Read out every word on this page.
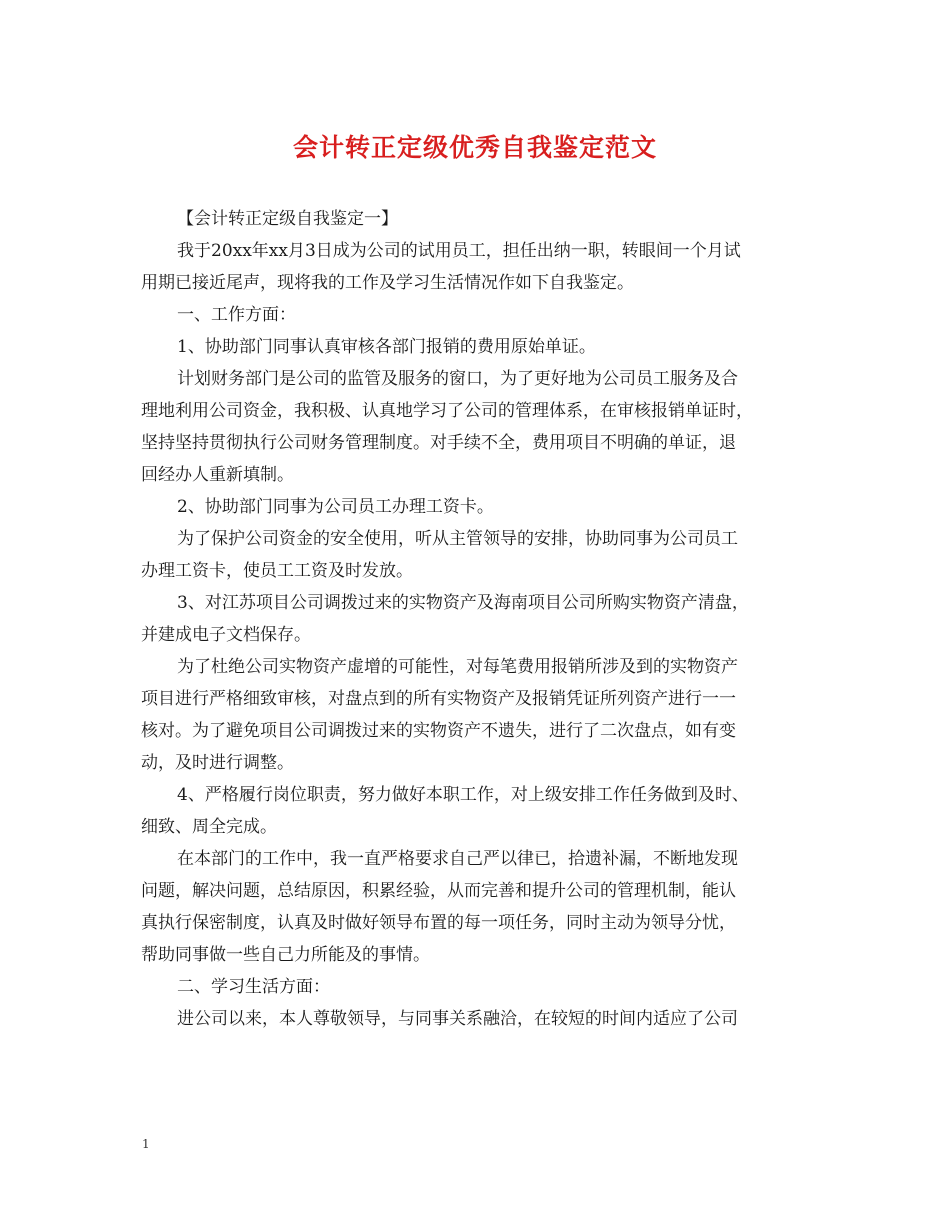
会计转正定级优秀自我鉴定范文

【会计转正定级自我鉴定一】

我于20xx年xx月3日成为公司的试用员工，担任出纳一职，转眼间一个月试
用期已接近尾声，现将我的工作及学习生活情况作如下自我鉴定。

一、工作方面：

1、协助部门同事认真审核各部门报销的费用原始单证。

计划财务部门是公司的监管及服务的窗口，为了更好地为公司员工服务及合
理地利用公司资金，我积极、认真地学习了公司的管理体系，在审核报销单证时，
坚持坚持贯彻执行公司财务管理制度。对手续不全，费用项目不明确的单证，退
回经办人重新填制。

2、协助部门同事为公司员工办理工资卡。

为了保护公司资金的安全使用，听从主管领导的安排，协助同事为公司员工
办理工资卡，使员工工资及时发放。

3、对江苏项目公司调拨过来的实物资产及海南项目公司所购实物资产清盘，
并建成电子文档保存。

为了杜绝公司实物资产虚增的可能性，对每笔费用报销所涉及到的实物资产
项目进行严格细致审核，对盘点到的所有实物资产及报销凭证所列资产进行一一
核对。为了避免项目公司调拨过来的实物资产不遗失，进行了二次盘点，如有变
动，及时进行调整。

4、严格履行岗位职责，努力做好本职工作，对上级安排工作任务做到及时、
细致、周全完成。

在本部门的工作中，我一直严格要求自己严以律已，拾遗补漏，不断地发现
问题，解决问题，总结原因，积累经验，从而完善和提升公司的管理机制，能认
真执行保密制度，认真及时做好领导布置的每一项任务，同时主动为领导分忧，
帮助同事做一些自己力所能及的事情。

二、学习生活方面：

进公司以来，本人尊敬领导，与同事关系融洽，在较短的时间内适应了公司

1
